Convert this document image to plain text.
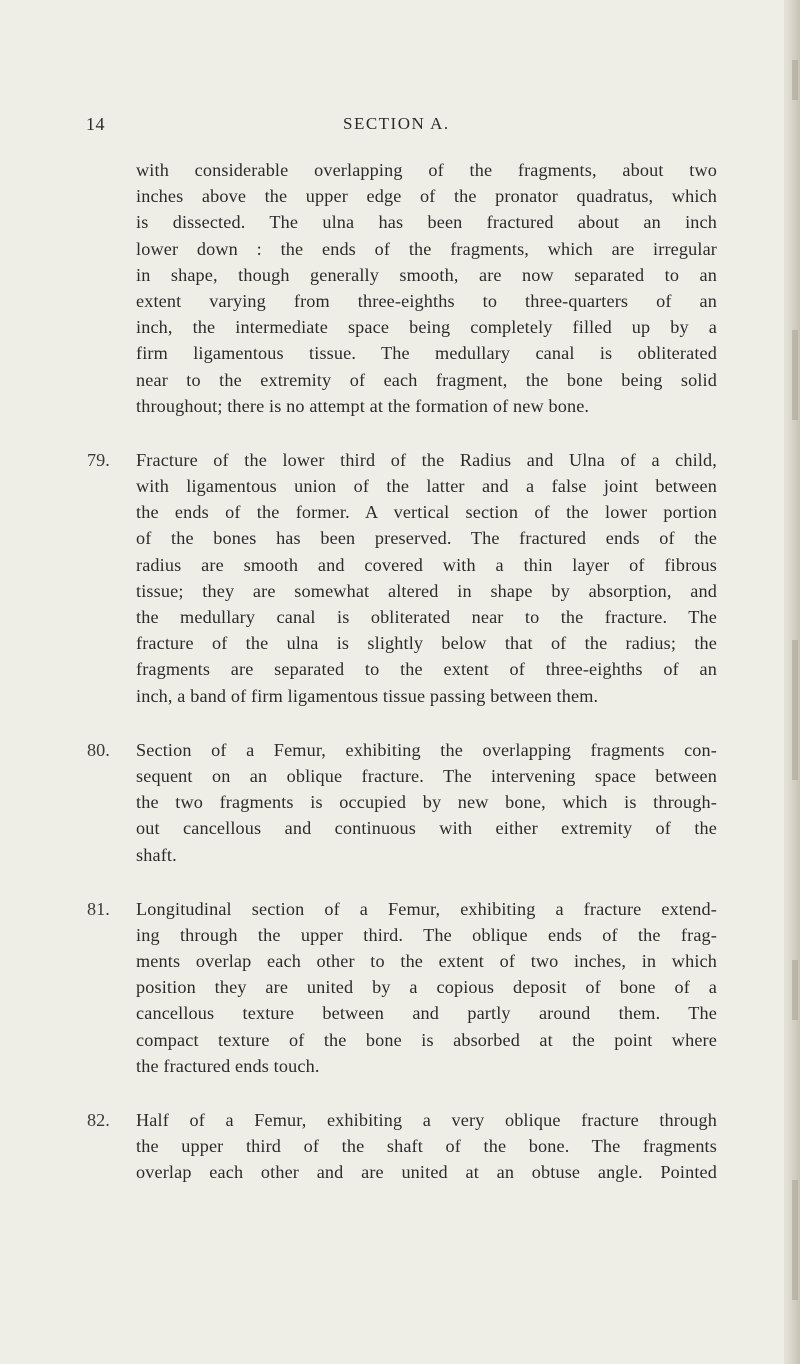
14	SECTION A.
with considerable overlapping of the fragments, about two
inches above the upper edge of the pronator quadratus, which
is dissected. The ulna has been fractured about an inch
lower down : the ends of the fragments, which are irregular
in shape, though generally smooth, are now separated to an
extent varying from three-eighths to three-quarters of an
inch, the intermediate space being completely filled up by a
firm ligamentous tissue. The medullary canal is obliterated
near to the extremity of each fragment, the bone being solid
throughout; there is no attempt at the formation of new bone.
79. Fracture of the lower third of the Radius and Ulna of a child,
with ligamentous union of the latter and a false joint between
the ends of the former. A vertical section of the lower portion
of the bones has been preserved. The fractured ends of the
radius are smooth and covered with a thin layer of fibrous
tissue; they are somewhat altered in shape by absorption, and
the medullary canal is obliterated near to the fracture. The
fracture of the ulna is slightly below that of the radius; the
fragments are separated to the extent of three-eighths of an
inch, a band of firm ligamentous tissue passing between them.
80. Section of a Femur, exhibiting the overlapping fragments con-
sequent on an oblique fracture. The intervening space between
the two fragments is occupied by new bone, which is through-
out cancellous and continuous with either extremity of the
shaft.
81. Longitudinal section of a Femur, exhibiting a fracture extend-
ing through the upper third. The oblique ends of the frag-
ments overlap each other to the extent of two inches, in which
position they are united by a copious deposit of bone of a
cancellous texture between and partly around them. The
compact texture of the bone is absorbed at the point where
the fractured ends touch.
82. Half of a Femur, exhibiting a very oblique fracture through
the upper third of the shaft of the bone. The fragments
overlap each other and are united at an obtuse angle. Pointed
